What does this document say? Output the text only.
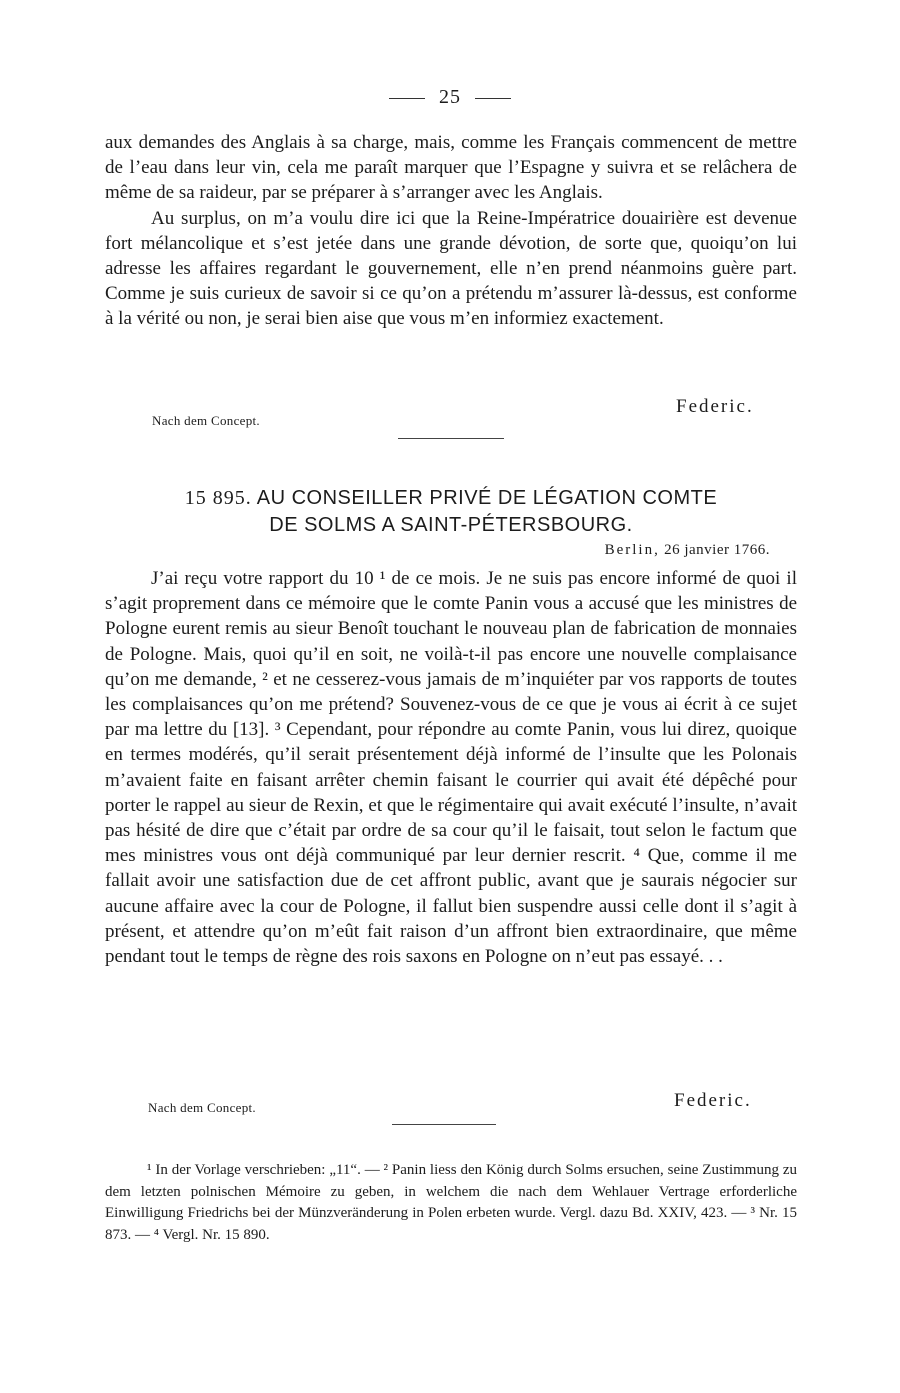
25

aux demandes des Anglais à sa charge, mais, comme les Français commencent de mettre de l’eau dans leur vin, cela me paraît marquer que l’Espagne y suivra et se relâchera de même de sa raideur, par se préparer à s’arranger avec les Anglais.

Au surplus, on m’a voulu dire ici que la Reine-Impératrice douairière est devenue fort mélancolique et s’est jetée dans une grande dévotion, de sorte que, quoiqu’on lui adresse les affaires regardant le gouvernement, elle n’en prend néanmoins guère part. Comme je suis curieux de savoir si ce qu’on a prétendu m’assurer là-dessus, est conforme à la vérité ou non, je serai bien aise que vous m’en informiez exactement.

Federic.
Nach dem Concept.
15 895. AU CONSEILLER PRIVÉ DE LÉGATION COMTE
DE SOLMS A SAINT-PÉTERSBOURG.
Berlin, 26 janvier 1766.

J’ai reçu votre rapport du 10 ¹ de ce mois. Je ne suis pas encore informé de quoi il s’agit proprement dans ce mémoire que le comte Panin vous a accusé que les ministres de Pologne eurent remis au sieur Benoît touchant le nouveau plan de fabrication de monnaies de Pologne. Mais, quoi qu’il en soit, ne voilà-t-il pas encore une nouvelle complaisance qu’on me demande, ² et ne cesserez-vous jamais de m’inquiéter par vos rapports de toutes les complaisances qu’on me prétend? Souvenez-vous de ce que je vous ai écrit à ce sujet par ma lettre du [13]. ³ Cependant, pour répondre au comte Panin, vous lui direz, quoique en termes modérés, qu’il serait présentement déjà informé de l’insulte que les Polonais m’avaient faite en faisant arrêter chemin faisant le courrier qui avait été dépêché pour porter le rappel au sieur de Rexin, et que le régimentaire qui avait exécuté l’insulte, n’avait pas hésité de dire que c’était par ordre de sa cour qu’il le faisait, tout selon le factum que mes ministres vous ont déjà communiqué par leur dernier rescrit. ⁴ Que, comme il me fallait avoir une satisfaction due de cet affront public, avant que je saurais négocier sur aucune affaire avec la cour de Pologne, il fallut bien suspendre aussi celle dont il s’agit à présent, et attendre qu’on m’eût fait raison d’un affront bien extraordinaire, que même pendant tout le temps de règne des rois saxons en Pologne on n’eut pas essayé. . .

Nach dem Concept.	Federic.

¹ In der Vorlage verschrieben: „11“. — ² Panin liess den König durch Solms ersuchen, seine Zustimmung zu dem letzten polnischen Mémoire zu geben, in welchem die nach dem Wehlauer Vertrage erforderliche Einwilligung Friedrichs bei der Münzveränderung in Polen erbeten wurde. Vergl. dazu Bd. XXIV, 423. — ³ Nr. 15 873. — ⁴ Vergl. Nr. 15 890.
